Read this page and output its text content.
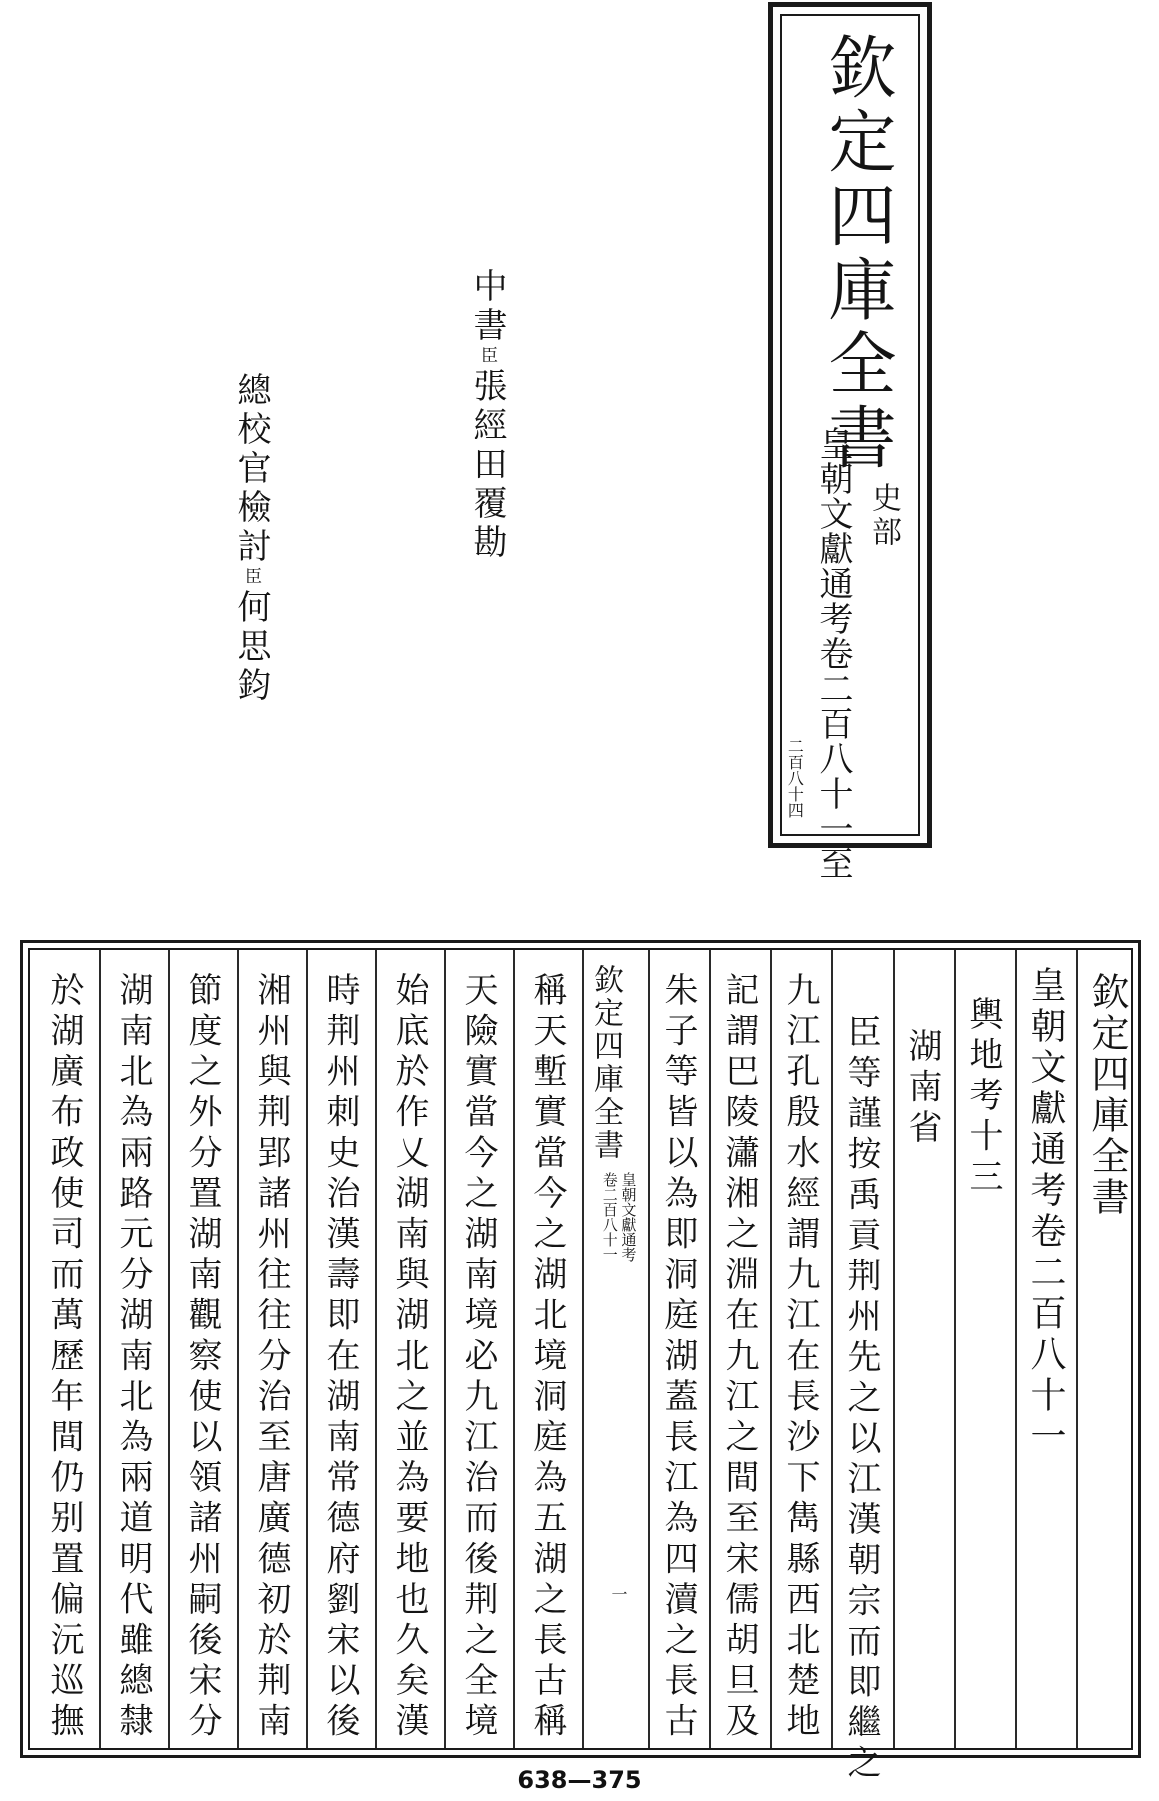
欽定四庫全書
史部
皇朝文獻通考卷二百八十一至
二百八十四
中書臣張經田覆勘
總校官檢討臣何思鈞
欽定四庫全書
皇朝文獻通考卷二百八十一
輿地考十三
湖南省
臣等謹按禹貢荆州先之以江漢朝宗而即繼之
九江孔殷水經謂九江在長沙下雋縣西北楚地
記謂巴陵瀟湘之淵在九江之間至宋儒胡旦及
朱子等皆以為即洞庭湖蓋長江為四瀆之長古
稱天塹實當今之湖北境洞庭為五湖之長古稱
天險實當今之湖南境必九江治而後荆之全境
始底於作乂湖南與湖北之並為要地也久矣漢
時荆州刺史治漢壽即在湖南常德府劉宋以後
湘州與荆郢諸州往往分治至唐廣德初於荆南
節度之外分置湖南觀察使以領諸州嗣後宋分
湖南北為兩路元分湖南北為兩道明代雖總隸
於湖廣布政使司而萬歷年間仍别置偏沅巡撫	欽定四庫全書
皇朝文獻通考
卷二百八十一
一
638—375
